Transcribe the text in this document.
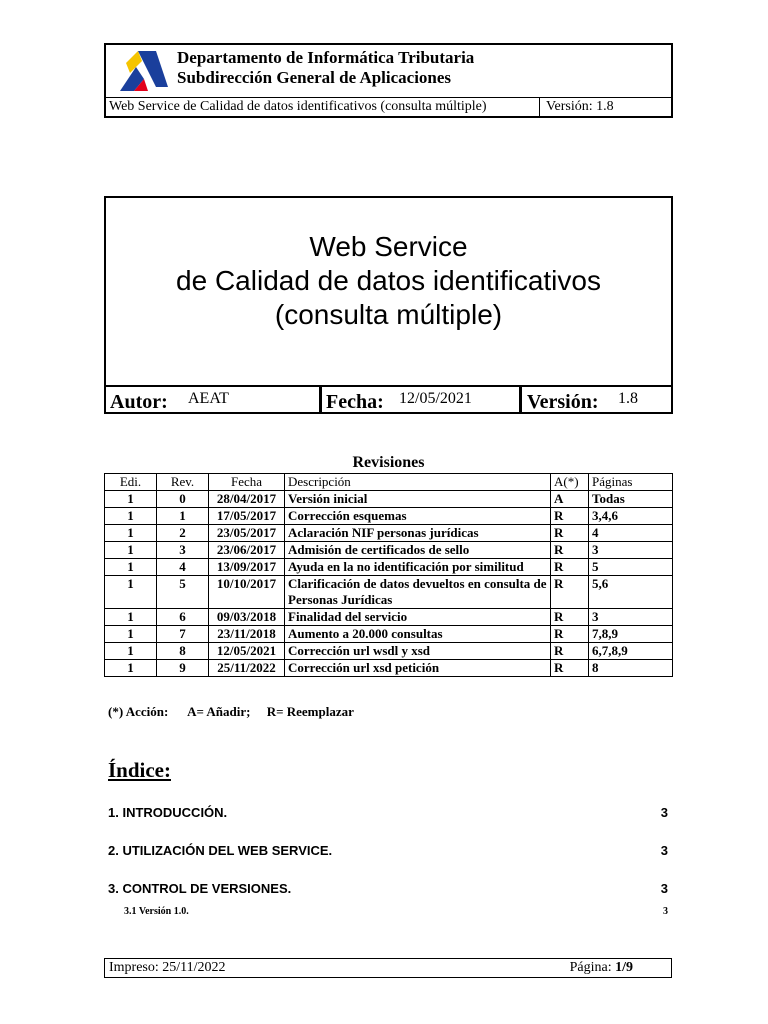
Departamento de Informática Tributaria
Subdirección General de Aplicaciones
Web Service de Calidad de datos identificativos (consulta múltiple)	Versión: 1.8
Web Service
de Calidad de datos identificativos
(consulta múltiple)
Autor: AEAT	Fecha: 12/05/2021	Versión: 1.8
Revisiones
Edi.	Rev.	Fecha	Descripción	A(*)	Páginas
1	0	28/04/2017	Versión inicial	A	Todas
1	1	17/05/2017	Corrección esquemas	R	3,4,6
1	2	23/05/2017	Aclaración NIF personas jurídicas	R	4
1	3	23/06/2017	Admisión de certificados de sello	R	3
1	4	13/09/2017	Ayuda en la no identificación por similitud	R	5
1	5	10/10/2017	Clarificación de datos devueltos en consulta de Personas Jurídicas	R	5,6
1	6	09/03/2018	Finalidad del servicio	R	3
1	7	23/11/2018	Aumento a 20.000 consultas	R	7,8,9
1	8	12/05/2021	Corrección url wsdl y xsd	R	6,7,8,9
1	9	25/11/2022	Corrección url xsd petición	R	8
(*) Acción:      A= Añadir;     R= Reemplazar
Índice:
1. INTRODUCCIÓN.	3
2. UTILIZACIÓN DEL WEB SERVICE.	3
3. CONTROL DE VERSIONES.	3
3.1 Versión 1.0.	3
Impreso: 25/11/2022	Página: 1/9
